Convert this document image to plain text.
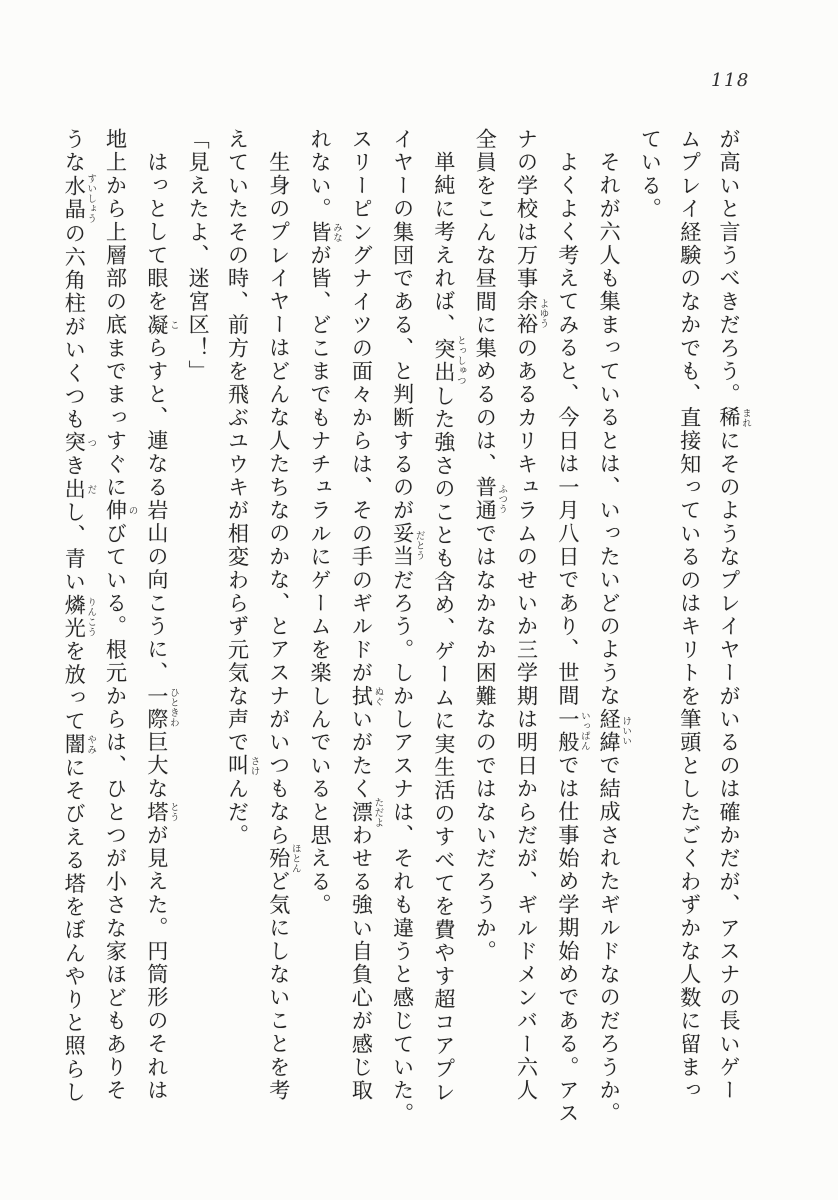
118
が高いと言うべきだろう。稀 まれにそのようなプレイヤーがいるのは確かだが、アスナの長いゲー
ムプレイ経験のなかでも、直接知っているのはキリトを筆頭としたごくわずかな人数に留まっ
ている。
それが六人も集まっているとは、いったいどのような経緯 けいいで結成されたギルドなのだろうか。
よくよく考えてみると、今日は一月八日であり、世間一般 いっぱんでは仕事始め学期始めである。アス
ナの学校は万事余裕 よゆうのあるカリキュラムのせいか三学期は明日からだが、ギルドメンバー六人
全員をこんな昼間に集めるのは、普通 ふつうではなかなか困難なのではないだろうか。
単純に考えれば、突出 とっしゅつした強さのことも含め、ゲームに実生活のすべてを費やす超コアプレ
イヤーの集団である、と判断するのが妥当 だとうだろう。しかしアスナは、それも違うと感じていた。
スリーピングナイツの面々からは、その手のギルドが拭 ぬぐいがたく漂 ただよわせる強い自負心が感じ取
れない。皆 みなが皆、どこまでもナチュラルにゲームを楽しんでいると思える。
生身のプレイヤーはどんな人たちなのかな、とアスナがいつもなら殆 ほとんど気にしないことを考
えていたその時、前方を飛ぶユウキが相変わらず元気な声で叫 さけんだ。
「見えたよ、迷宮区！」
はっとして眼を凝 こらすと、連なる岩山の向こうに、一際 ひときわ巨大な塔 とうが見えた。円筒形のそれは
地上から上層部の底までまっすぐに伸 のびている。根元からは、ひとつが小さな家ほどもありそ
うな水晶 すいしょうの六角柱がいくつも突 つき出 だし、青い燐光 りんこうを放って闇 やみにそびえる塔をぼんやりと照らし
